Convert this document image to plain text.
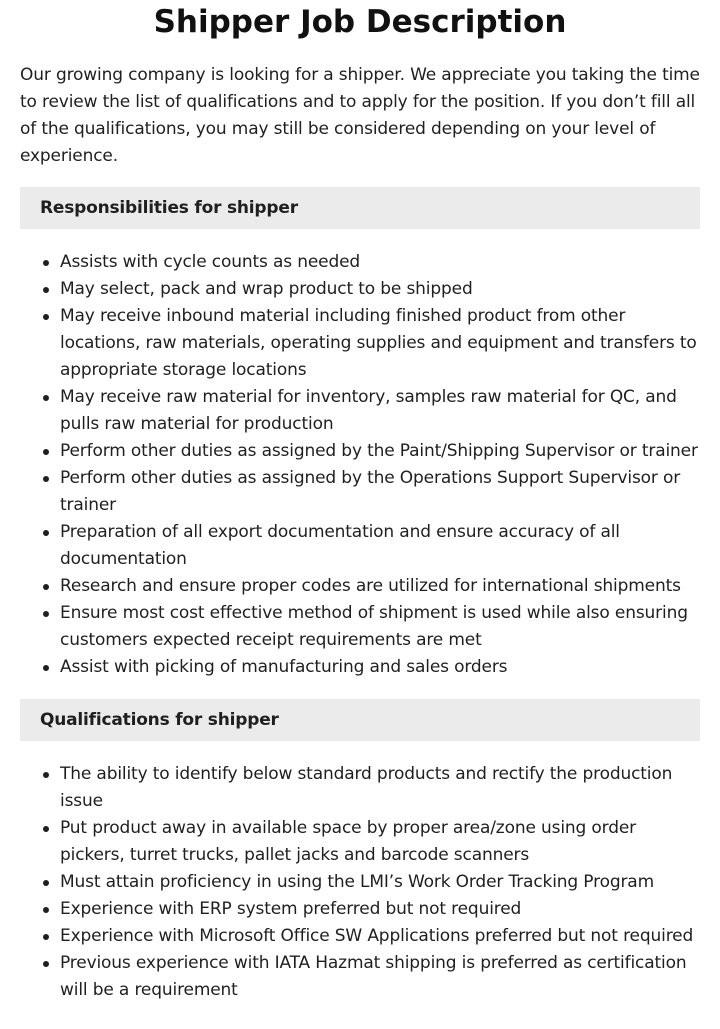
Shipper Job Description

Our growing company is looking for a shipper. We appreciate you taking the time to review the list of qualifications and to apply for the position. If you don’t fill all of the qualifications, you may still be considered depending on your level of experience.

Responsibilities for shipper
Assists with cycle counts as needed
May select, pack and wrap product to be shipped
May receive inbound material including finished product from other locations, raw materials, operating supplies and equipment and transfers to appropriate storage locations
May receive raw material for inventory, samples raw material for QC, and pulls raw material for production
Perform other duties as assigned by the Paint/Shipping Supervisor or trainer
Perform other duties as assigned by the Operations Support Supervisor or trainer
Preparation of all export documentation and ensure accuracy of all documentation
Research and ensure proper codes are utilized for international shipments
Ensure most cost effective method of shipment is used while also ensuring customers expected receipt requirements are met
Assist with picking of manufacturing and sales orders
Qualifications for shipper
The ability to identify below standard products and rectify the production issue
Put product away in available space by proper area/zone using order pickers, turret trucks, pallet jacks and barcode scanners
Must attain proficiency in using the LMI’s Work Order Tracking Program
Experience with ERP system preferred but not required
Experience with Microsoft Office SW Applications preferred but not required
Previous experience with IATA Hazmat shipping is preferred as certification will be a requirement
